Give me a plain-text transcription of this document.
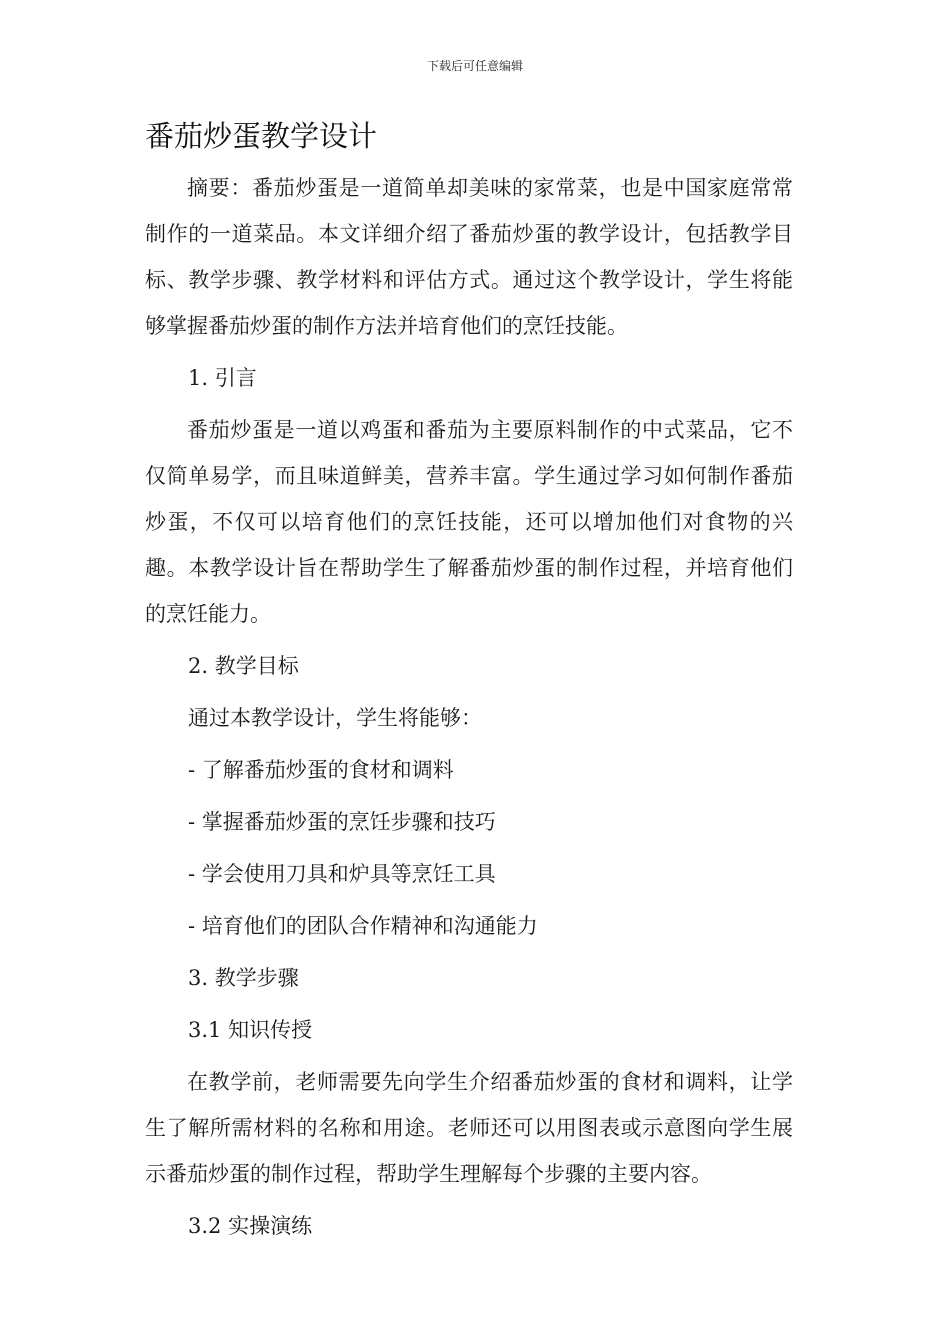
下载后可任意编辑
番茄炒蛋教学设计

摘要：番茄炒蛋是一道简单却美味的家常菜，也是中国家庭常常制作的一道菜品。本文详细介绍了番茄炒蛋的教学设计，包括教学目标、教学步骤、教学材料和评估方式。通过这个教学设计，学生将能够掌握番茄炒蛋的制作方法并培育他们的烹饪技能。

1. 引言

番茄炒蛋是一道以鸡蛋和番茄为主要原料制作的中式菜品，它不仅简单易学，而且味道鲜美，营养丰富。学生通过学习如何制作番茄炒蛋，不仅可以培育他们的烹饪技能，还可以增加他们对食物的兴趣。本教学设计旨在帮助学生了解番茄炒蛋的制作过程，并培育他们的烹饪能力。

2. 教学目标

通过本教学设计，学生将能够：

- 了解番茄炒蛋的食材和调料

- 掌握番茄炒蛋的烹饪步骤和技巧

- 学会使用刀具和炉具等烹饪工具

- 培育他们的团队合作精神和沟通能力

3. 教学步骤

3.1 知识传授

在教学前，老师需要先向学生介绍番茄炒蛋的食材和调料，让学生了解所需材料的名称和用途。老师还可以用图表或示意图向学生展示番茄炒蛋的制作过程，帮助学生理解每个步骤的主要内容。

3.2 实操演练
